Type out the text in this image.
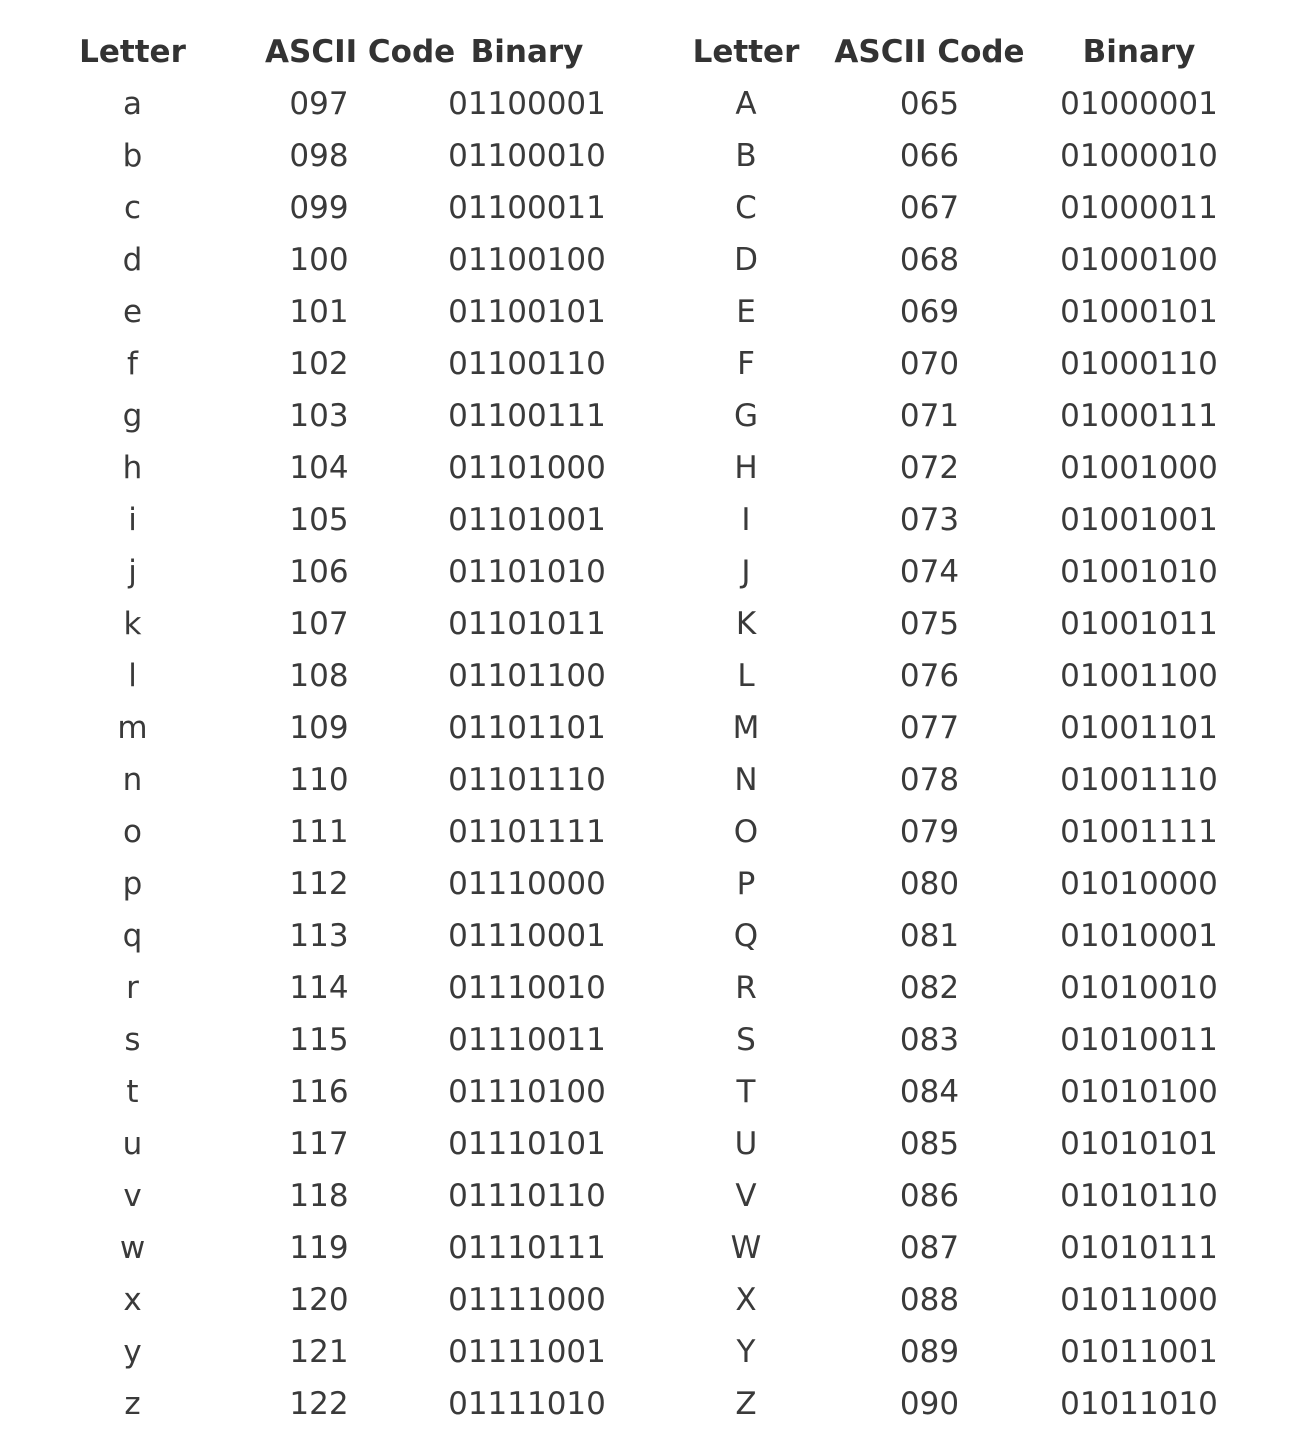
Letter	ASCII Code	Binary	Letter	ASCII Code	Binary
a	097	01100001	A	065	01000001
b	098	01100010	B	066	01000010
c	099	01100011	C	067	01000011
d	100	01100100	D	068	01000100
e	101	01100101	E	069	01000101
f	102	01100110	F	070	01000110
g	103	01100111	G	071	01000111
h	104	01101000	H	072	01001000
i	105	01101001	I	073	01001001
j	106	01101010	J	074	01001010
k	107	01101011	K	075	01001011
l	108	01101100	L	076	01001100
m	109	01101101	M	077	01001101
n	110	01101110	N	078	01001110
o	111	01101111	O	079	01001111
p	112	01110000	P	080	01010000
q	113	01110001	Q	081	01010001
r	114	01110010	R	082	01010010
s	115	01110011	S	083	01010011
t	116	01110100	T	084	01010100
u	117	01110101	U	085	01010101
v	118	01110110	V	086	01010110
w	119	01110111	W	087	01010111
x	120	01111000	X	088	01011000
y	121	01111001	Y	089	01011001
z	122	01111010	Z	090	01011010
